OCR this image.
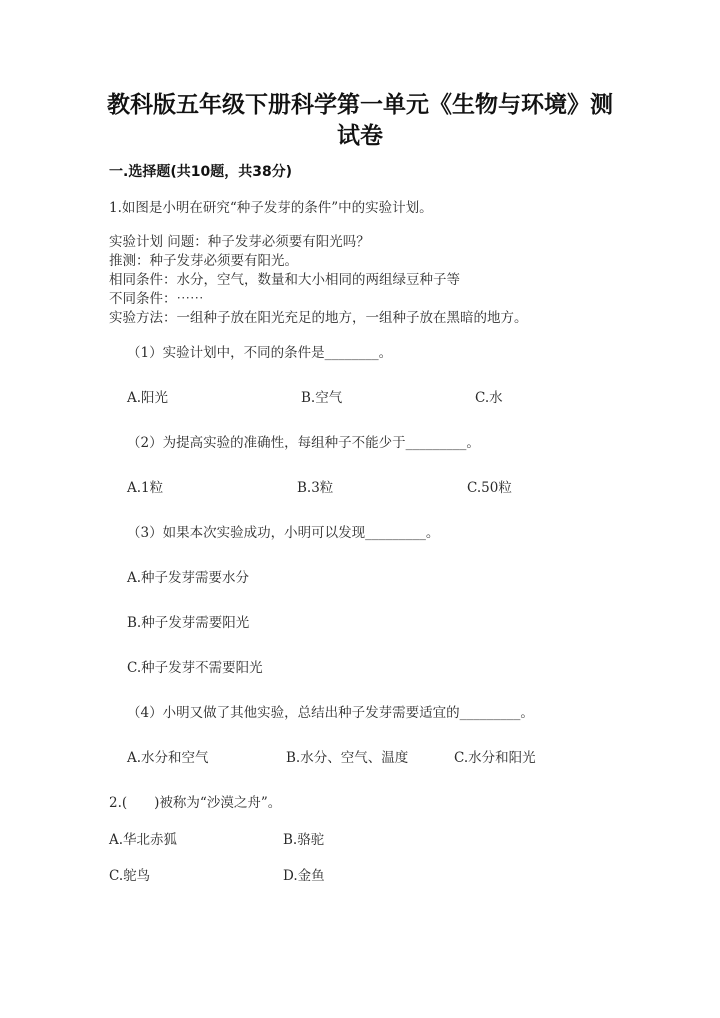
教科版五年级下册科学第一单元《生物与环境》测
试卷
一.选择题(共10题，共38分)
1.如图是小明在研究“种子发芽的条件”中的实验计划。
实验计划 问题：种子发芽必须要有阳光吗？
推测：种子发芽必须要有阳光。
相同条件：水分，空气，数量和大小相同的两组绿豆种子等
不同条件：⋯⋯
实验方法：一组种子放在阳光充足的地方，一组种子放在黑暗的地方。
（1）实验计划中，不同的条件是________。
A.阳光	B.空气	C.水
（2）为提高实验的准确性，每组种子不能少于_________。
A.1粒	B.3粒	C.50粒
（3）如果本次实验成功，小明可以发现_________。
A.种子发芽需要水分
B.种子发芽需要阳光
C.种子发芽不需要阳光
（4）小明又做了其他实验，总结出种子发芽需要适宜的_________。
A.水分和空气	B.水分、空气、温度	C.水分和阳光
2.(　　)被称为“沙漠之舟”。
A.华北赤狐	B.骆驼
C.鸵鸟	D.金鱼
